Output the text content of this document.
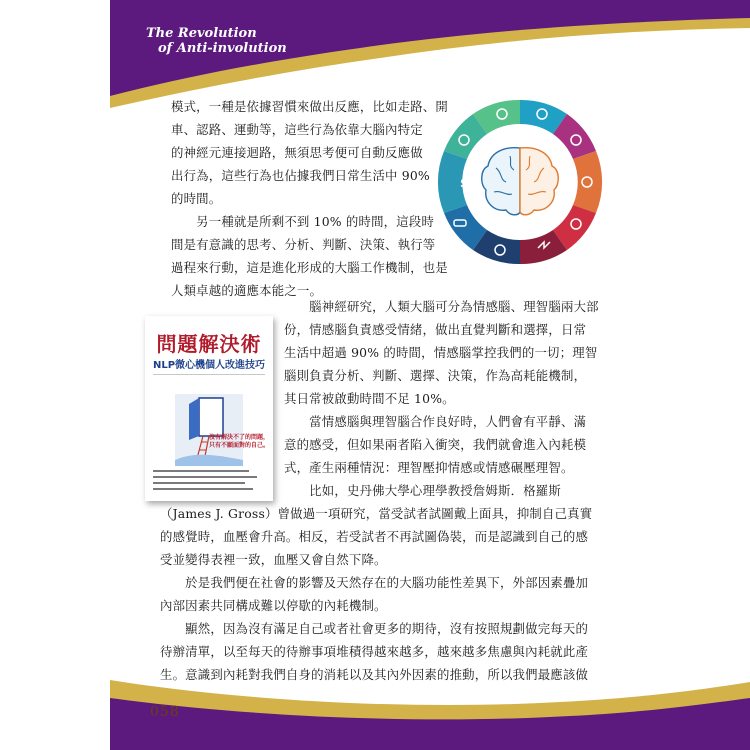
The Revolution
of Anti-involution
058
$
問題解決術
NLP微心機個人改進技巧
沒有解決不了的問題，只有不願面對的自己。
模式，一種是依據習慣來做出反應，比如走路、開
車、認路、運動等，這些行為依靠大腦內特定
的神經元連接迴路，無須思考便可自動反應做
出行為，這些行為也佔據我們日常生活中 90%
的時間。
　　另一種就是所剩不到 10% 的時間，這段時
間是有意識的思考、分析、判斷、決策、執行等
過程來行動，這是進化形成的大腦工作機制，也是
人類卓越的適應本能之一。
　　腦神經研究，人類大腦可分為情感腦、理智腦兩大部
份，情感腦負責感受情緒，做出直覺判斷和選擇，日常
生活中超過 90% 的時間，情感腦掌控我們的一切；理智
腦則負責分析、判斷、選擇、決策，作為高耗能機制，
其日常被啟動時間不足 10%。
　　當情感腦與理智腦合作良好時，人們會有平靜、滿
意的感受，但如果兩者陷入衝突，我們就會進入內耗模
式，產生兩種情況：理智壓抑情感或情感碾壓理智。
　　比如，史丹佛大學心理學教授詹姆斯．格羅斯
（James J. Gross）曾做過一項研究，當受試者試圖戴上面具，抑制自己真實
的感覺時，血壓會升高。相反，若受試者不再試圖偽裝，而是認識到自己的感
受並變得表裡一致，血壓又會自然下降。
　　於是我們便在社會的影響及天然存在的大腦功能性差異下，外部因素疊加
內部因素共同構成難以停歇的內耗機制。
　　顯然，因為沒有滿足自己或者社會更多的期待，沒有按照規劃做完每天的
待辦清單，以至每天的待辦事項堆積得越來越多，越來越多焦慮與內耗就此產
生。意識到內耗對我們自身的消耗以及其內外因素的推動，所以我們最應該做
